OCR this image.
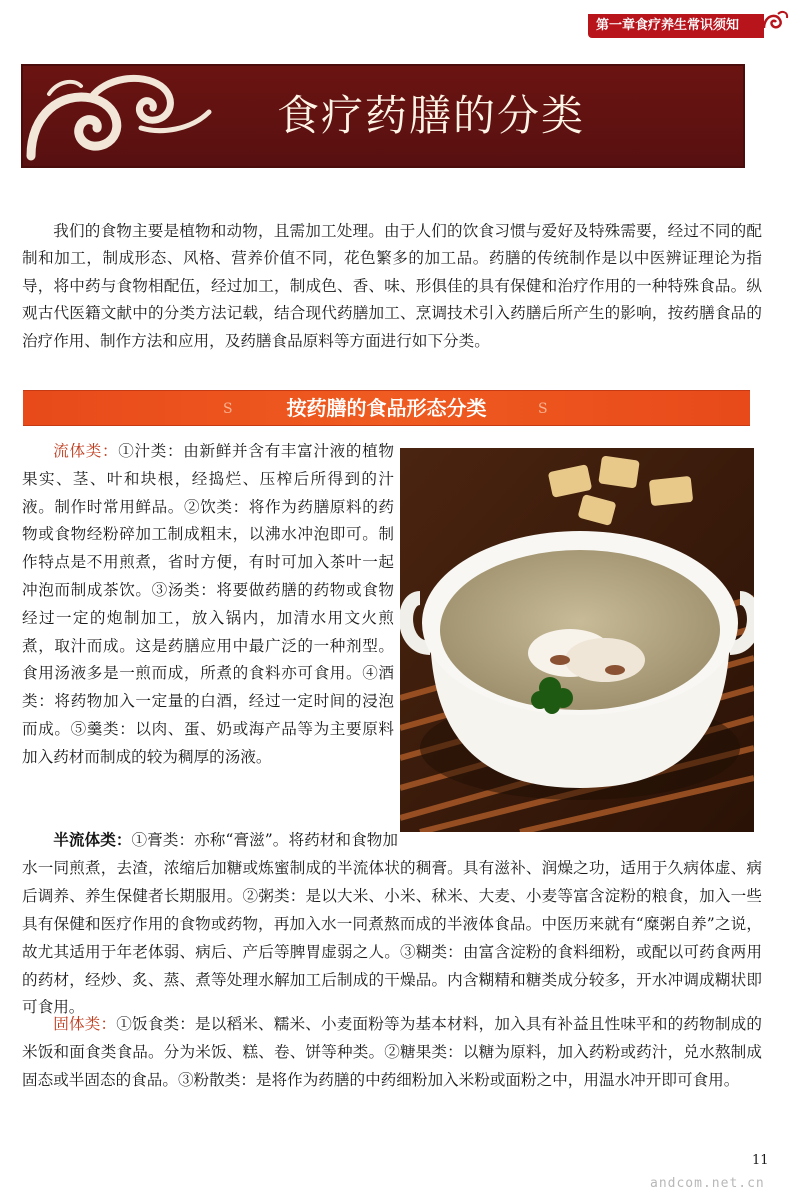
第一章食疗养生常识须知
食疗药膳的分类

我们的食物主要是植物和动物，且需加工处理。由于人们的饮食习惯与爱好及特殊需要，经过不同的配制和加工，制成形态、风格、营养价值不同，花色繁多的加工品。药膳的传统制作是以中医辨证理论为指导，将中药与食物相配伍，经过加工，制成色、香、味、形俱佳的具有保健和治疗作用的一种特殊食品。纵观古代医籍文献中的分类方法记载，结合现代药膳加工、烹调技术引入药膳后所产生的影响，按药膳食品的治疗作用、制作方法和应用，及药膳食品原料等方面进行如下分类。

S	按药膳的食品形态分类	S

流体类：①汁类：由新鲜并含有丰富汁液的植物果实、茎、叶和块根，经捣烂、压榨后所得到的汁液。制作时常用鲜品。②饮类：将作为药膳原料的药物或食物经粉碎加工制成粗末，以沸水冲泡即可。制作特点是不用煎煮，省时方便，有时可加入茶叶一起冲泡而制成茶饮。③汤类：将要做药膳的药物或食物经过一定的炮制加工，放入锅内，加清水用文火煎煮，取汁而成。这是药膳应用中最广泛的一种剂型。食用汤液多是一煎而成，所煮的食料亦可食用。④酒类：将药物加入一定量的白酒，经过一定时间的浸泡而成。⑤羹类：以肉、蛋、奶或海产品等为主要原料加入药材而制成的较为稠厚的汤液。

半流体类：①膏类：亦称“膏滋”。将药材和食物加水一同煎煮，去渣，浓缩后加糖或炼蜜制成的半流体状的稠膏。具有滋补、润燥之功，适用于久病体虚、病后调养、养生保健者长期服用。②粥类：是以大米、小米、秫米、大麦、小麦等富含淀粉的粮食，加入一些具有保健和医疗作用的食物或药物，再加入水一同煮熬而成的半液体食品。中医历来就有“糜粥自养”之说，故尤其适用于年老体弱、病后、产后等脾胃虚弱之人。③糊类：由富含淀粉的食料细粉，或配以可药食两用的药材，经炒、炙、蒸、煮等处理水解加工后制成的干燥品。内含糊精和糖类成分较多，开水冲调成糊状即可食用。

固体类：①饭食类：是以稻米、糯米、小麦面粉等为基本材料，加入具有补益且性味平和的药物制成的米饭和面食类食品。分为米饭、糕、卷、饼等种类。②糖果类：以糖为原料，加入药粉或药汁，兑水熬制成固态或半固态的食品。③粉散类：是将作为药膳的中药细粉加入米粉或面粉之中，用温水冲开即可食用。

11
andcom.net.cn
